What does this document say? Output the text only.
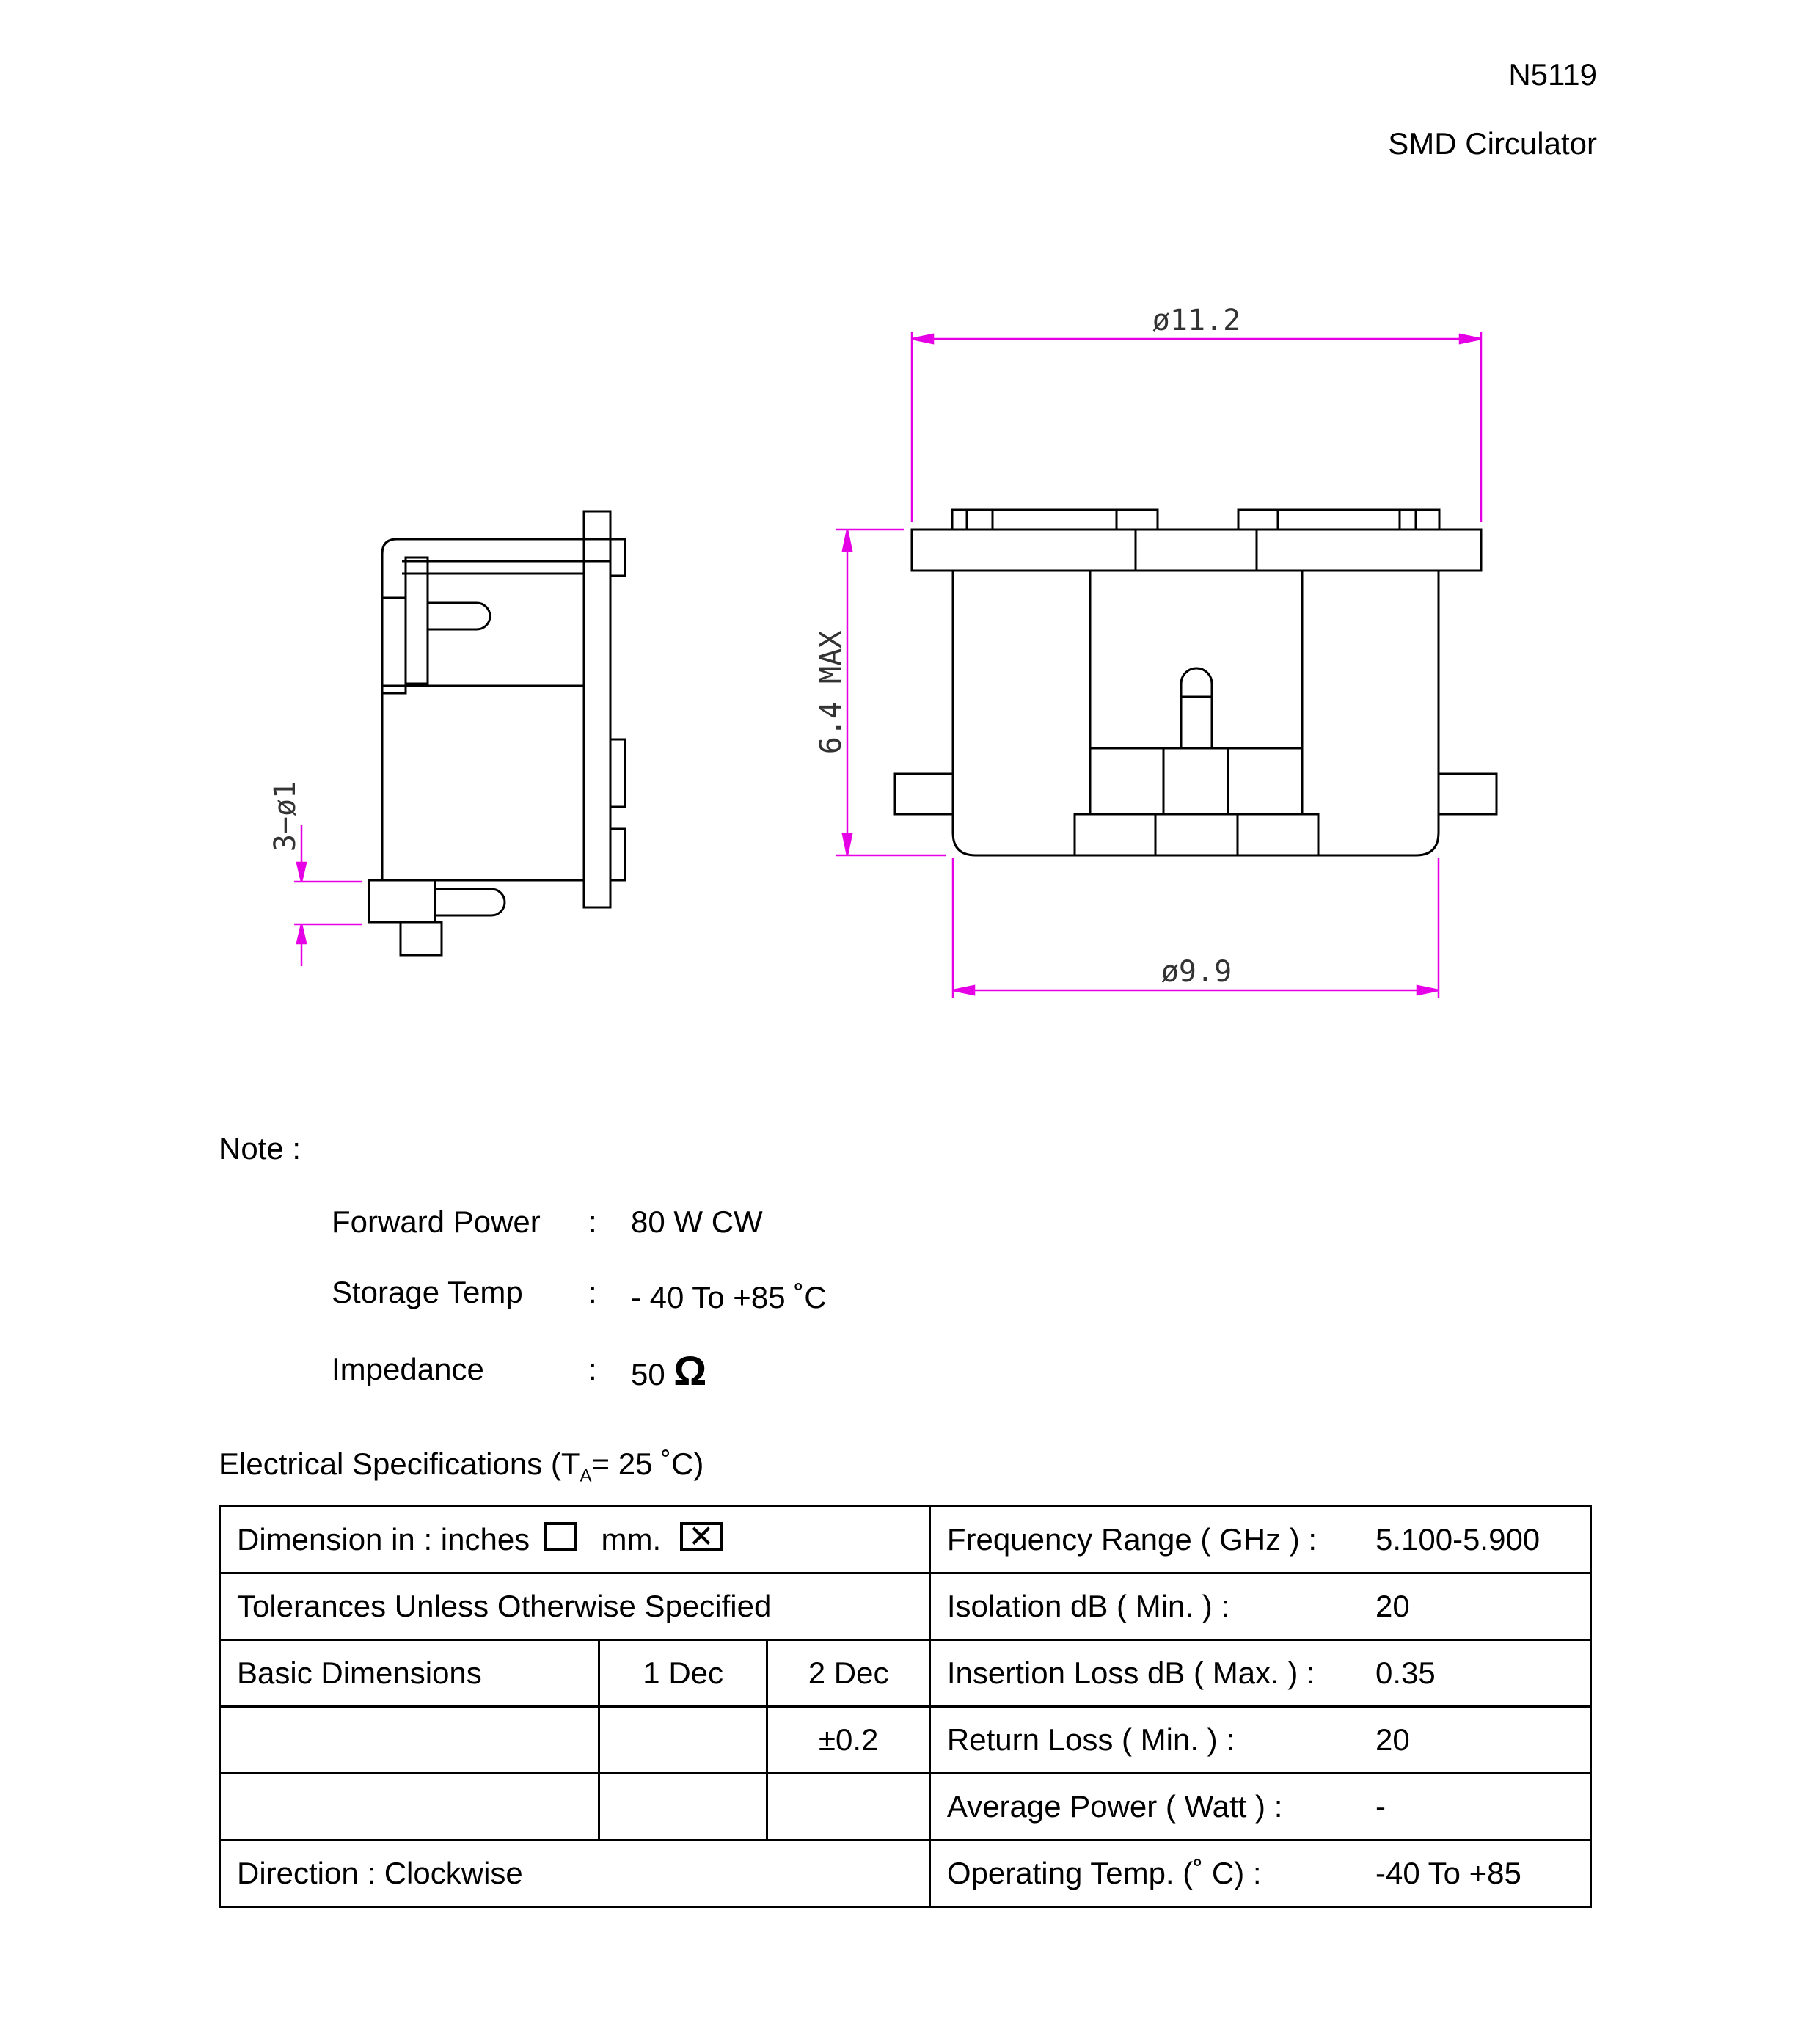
N5119
SMD Circulator
ø11.2
ø9.9
6.4 MAX
3−ø1
Note :
Forward Power : 80 W CW
Storage Temp : - 40 To +85 ˚C
Impedance	: 50 Ω
Electrical Specifications ($T_A= 25$ ˚C)
Dimension in : inches mm. ✕			Frequency Range ( GHz ) :	5.100-5.900
Tolerances Unless Otherwise Specified			Isolation dB ( Min. ) :	20
Basic Dimensions	1 Dec	2 Dec	Insertion Loss dB ( Max. ) :	0.35
		±0.2	Return Loss ( Min. ) :	20
			Average Power ( Watt ) :	-
Direction : Clockwise			Operating Temp. (˚ C) :	-40 To +85
